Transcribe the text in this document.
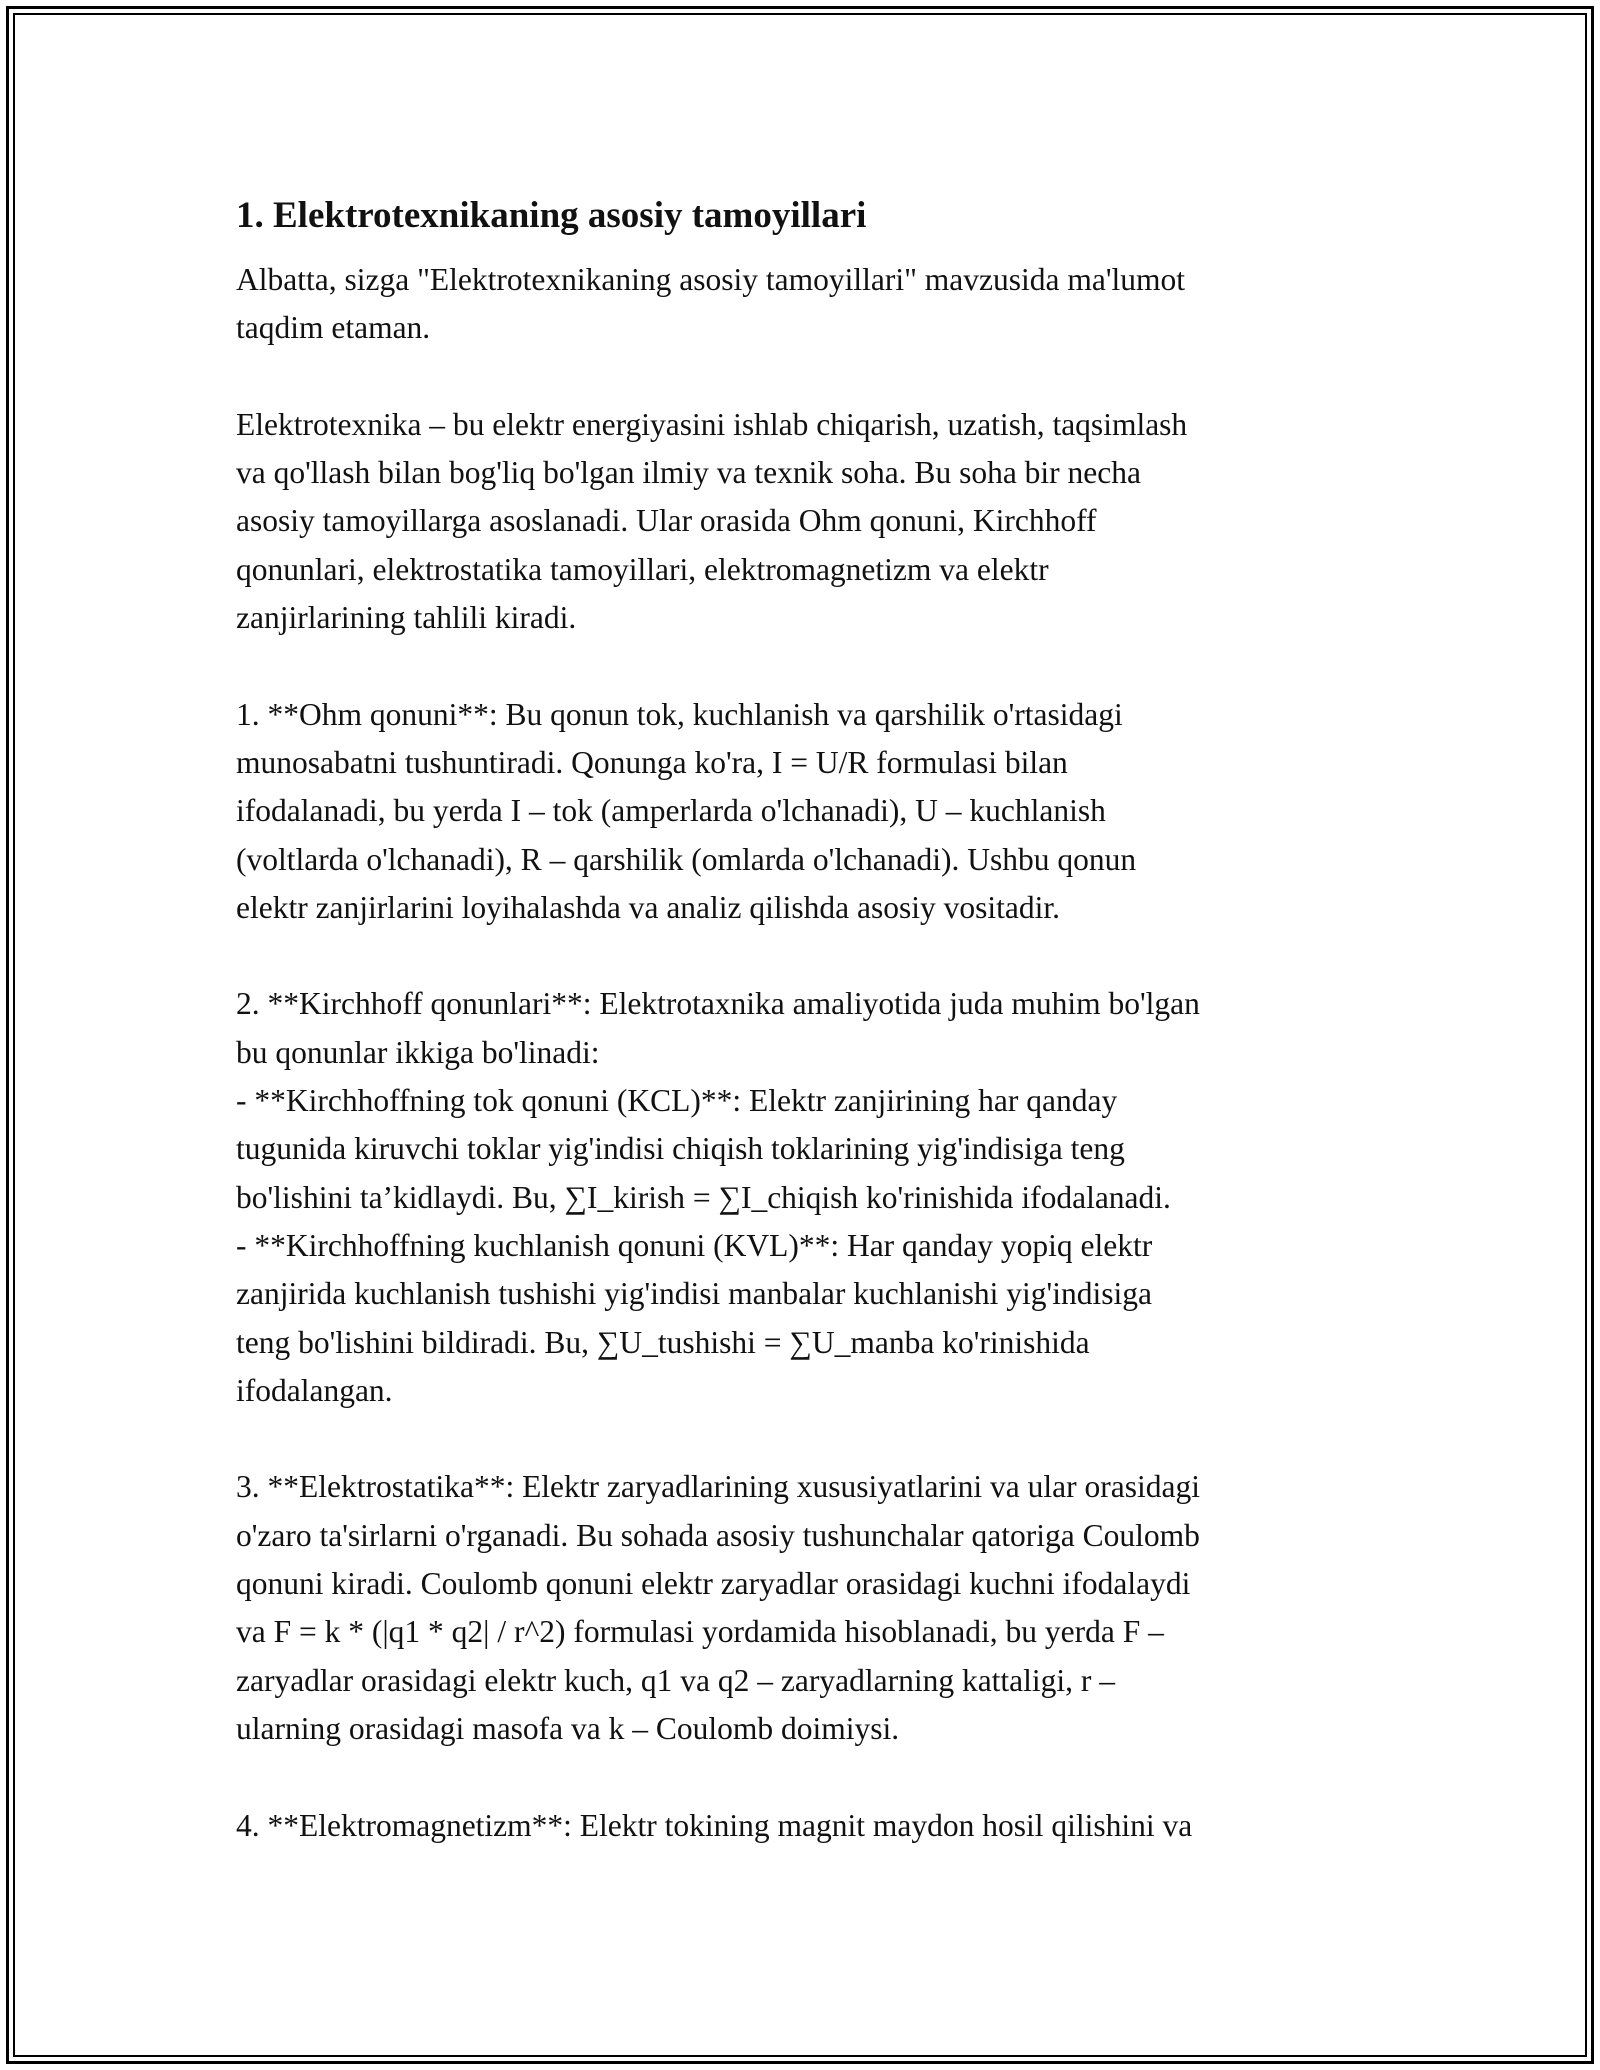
1. Elektrotexnikaning asosiy tamoyillari

Albatta, sizga "Elektrotexnikaning asosiy tamoyillari" mavzusida ma'lumot
taqdim etaman.

Elektrotexnika – bu elektr energiyasini ishlab chiqarish, uzatish, taqsimlash
va qo'llash bilan bog'liq bo'lgan ilmiy va texnik soha. Bu soha bir necha
asosiy tamoyillarga asoslanadi. Ular orasida Ohm qonuni, Kirchhoff
qonunlari, elektrostatika tamoyillari, elektromagnetizm va elektr
zanjirlarining tahlili kiradi.

1. **Ohm qonuni**: Bu qonun tok, kuchlanish va qarshilik o'rtasidagi
munosabatni tushuntiradi. Qonunga ko'ra, I = U/R formulasi bilan
ifodalanadi, bu yerda I – tok (amperlarda o'lchanadi), U – kuchlanish
(voltlarda o'lchanadi), R – qarshilik (omlarda o'lchanadi). Ushbu qonun
elektr zanjirlarini loyihalashda va analiz qilishda asosiy vositadir.

2. **Kirchhoff qonunlari**: Elektrotaxnika amaliyotida juda muhim bo'lgan
bu qonunlar ikkiga bo'linadi:
- **Kirchhoffning tok qonuni (KCL)**: Elektr zanjirining har qanday
tugunida kiruvchi toklar yig'indisi chiqish toklarining yig'indisiga teng
bo'lishini ta’kidlaydi. Bu, ∑I_kirish = ∑I_chiqish ko'rinishida ifodalanadi.
- **Kirchhoffning kuchlanish qonuni (KVL)**: Har qanday yopiq elektr
zanjirida kuchlanish tushishi yig'indisi manbalar kuchlanishi yig'indisiga
teng bo'lishini bildiradi. Bu, ∑U_tushishi = ∑U_manba ko'rinishida
ifodalangan.

3. **Elektrostatika**: Elektr zaryadlarining xususiyatlarini va ular orasidagi
o'zaro ta'sirlarni o'rganadi. Bu sohada asosiy tushunchalar qatoriga Coulomb
qonuni kiradi. Coulomb qonuni elektr zaryadlar orasidagi kuchni ifodalaydi
va F = k * (|q1 * q2| / r^2) formulasi yordamida hisoblanadi, bu yerda F –
zaryadlar orasidagi elektr kuch, q1 va q2 – zaryadlarning kattaligi, r –
ularning orasidagi masofa va k – Coulomb doimiysi.

4. **Elektromagnetizm**: Elektr tokining magnit maydon hosil qilishini va
